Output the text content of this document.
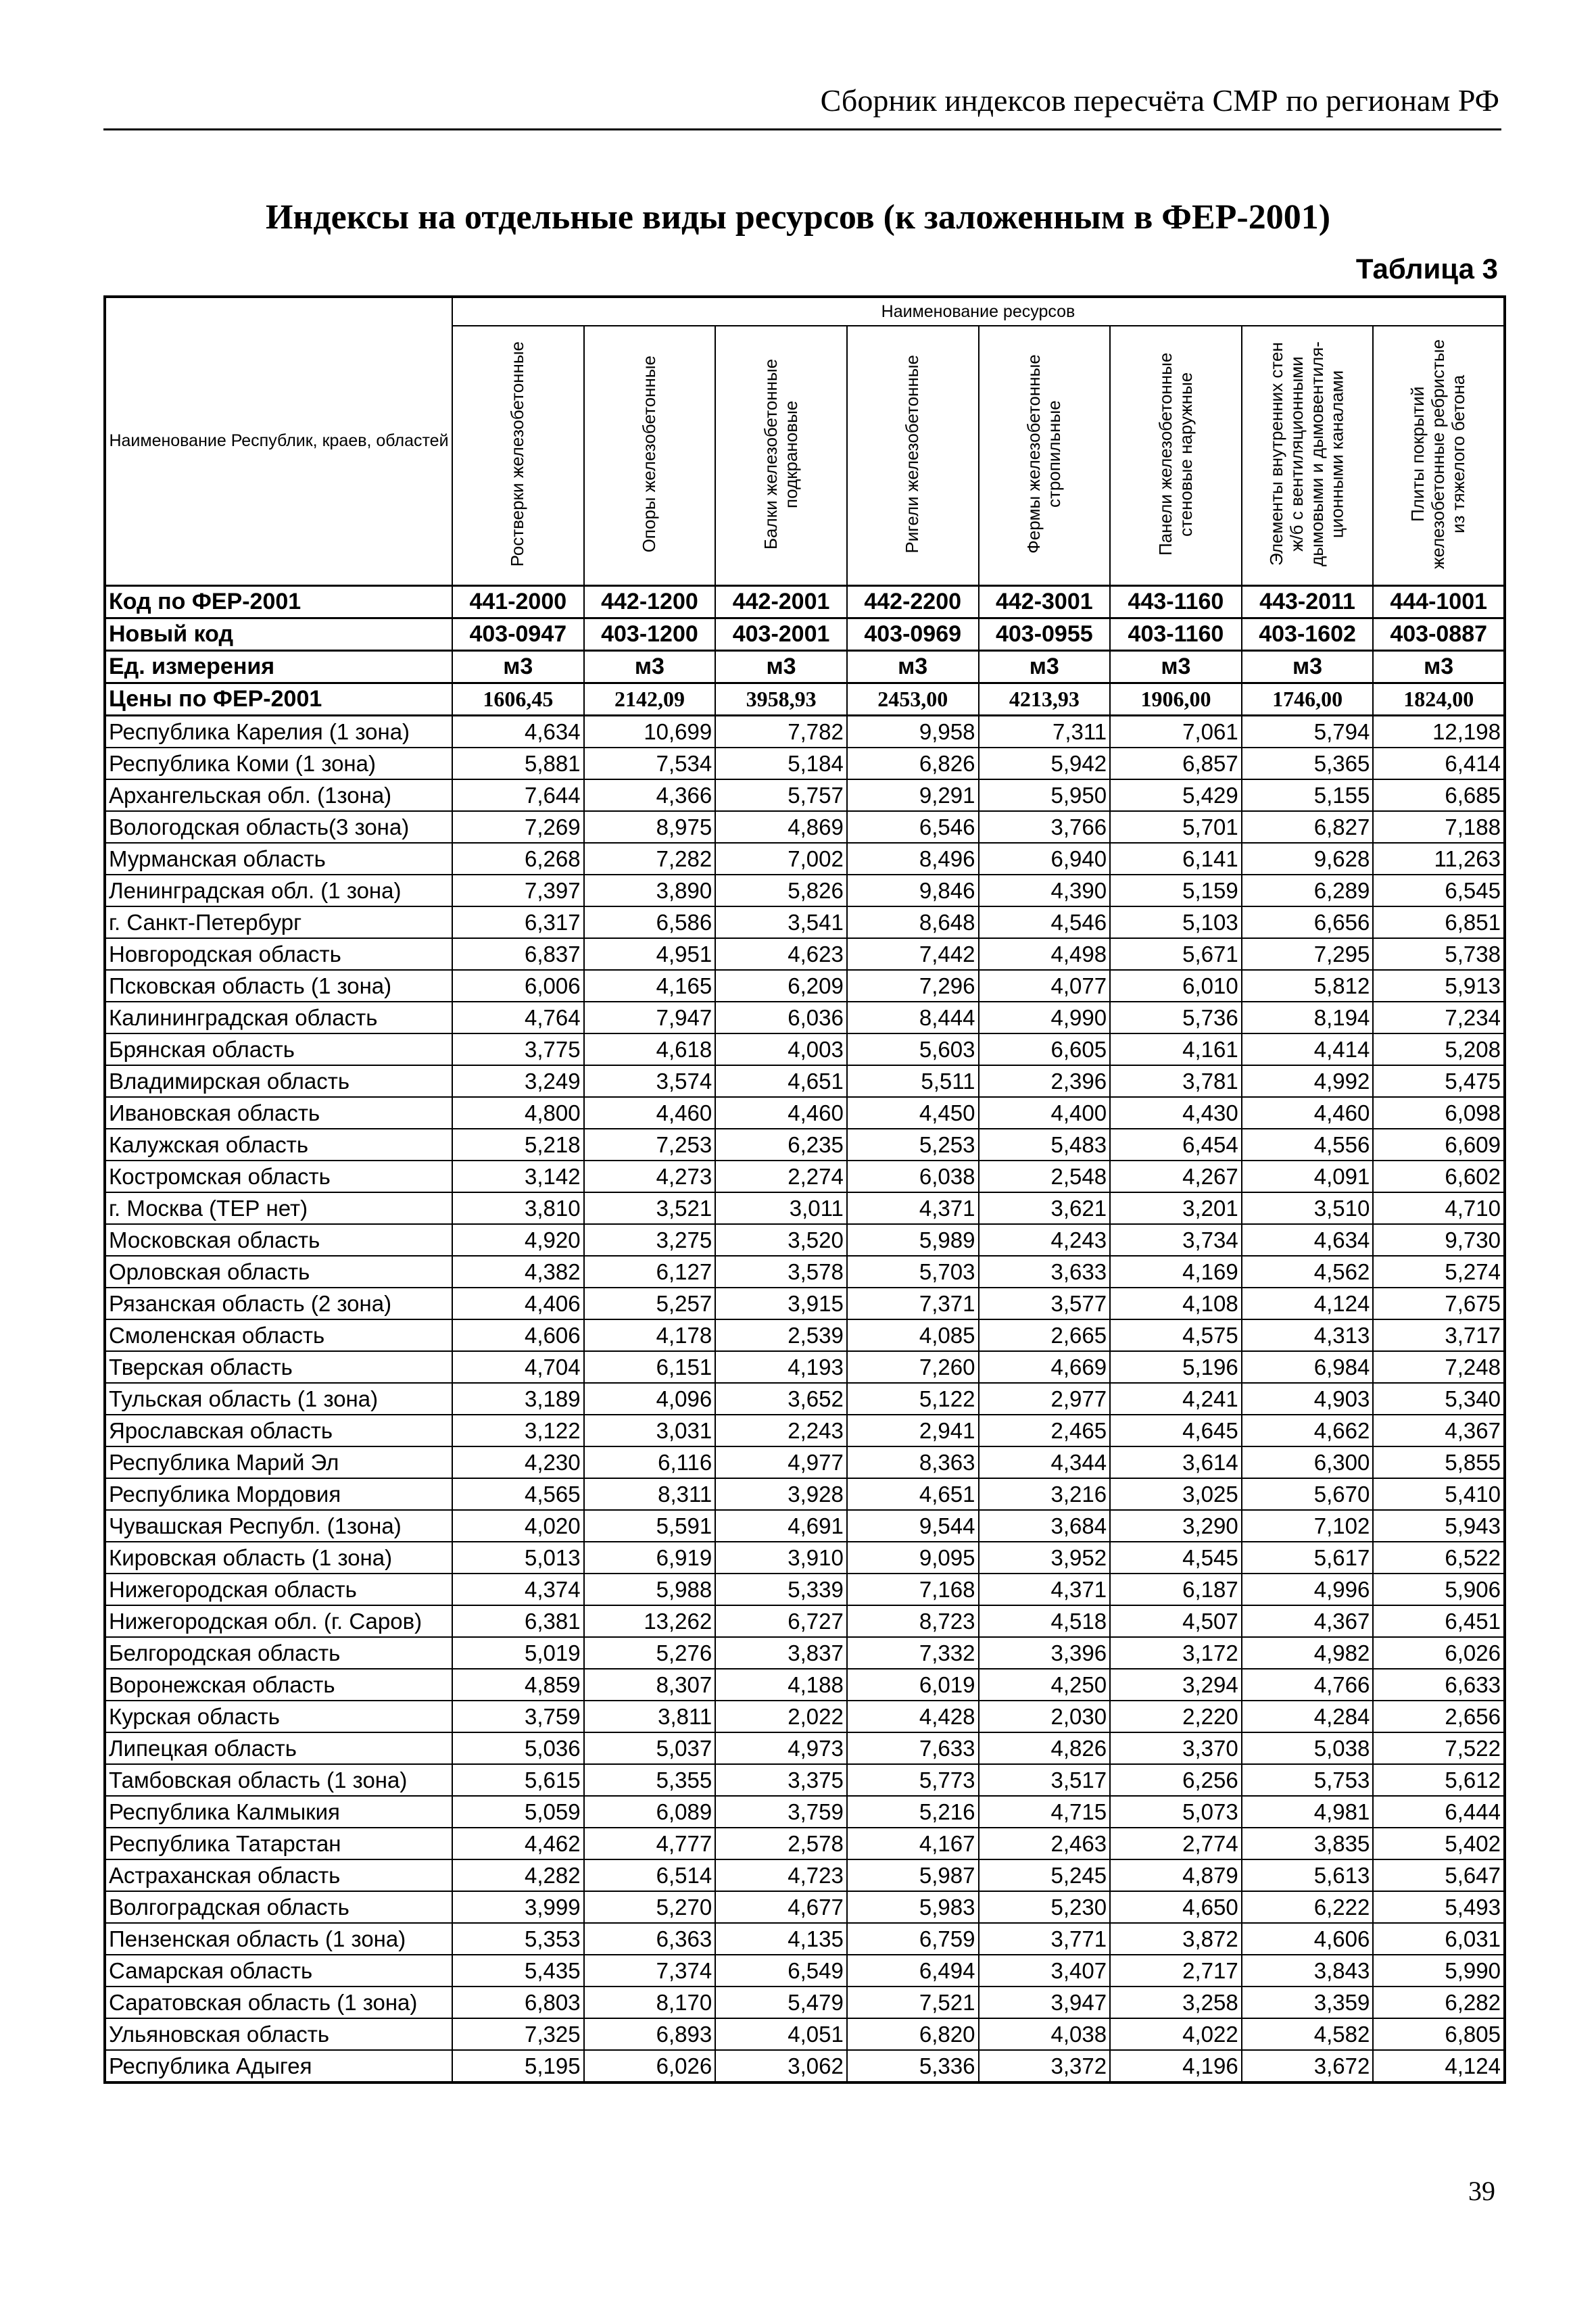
Сборник индексов пересчёта СМР по регионам РФ
Индексы на отдельные виды ресурсов (к заложенным в ФЕР-2001)
Таблица 3
Наименование Республик, краев, областей	Наименование ресурсов							
	Ростверки железобетонные	Опоры железобетонные	Балки железобетонные подкрановые	Ригели железобетонные	Фермы железобетонные стропильные	Панели железобетонные стеновые наружные	Элементы внутренних стен ж/б с вентиляционными дымовыми и дымовентиля-ционными каналами	Плиты покрытий железобетонные ребристые из тяжелого бетона
Код по ФЕР-2001	441-2000	442-1200	442-2001	442-2200	442-3001	443-1160	443-2011	444-1001
Новый код	403-0947	403-1200	403-2001	403-0969	403-0955	403-1160	403-1602	403-0887
Ед. измерения	м3	м3	м3	м3	м3	м3	м3	м3
Цены по ФЕР-2001	1606,45	2142,09	3958,93	2453,00	4213,93	1906,00	1746,00	1824,00
Республика Карелия (1 зона)	4,634	10,699	7,782	9,958	7,311	7,061	5,794	12,198
Республика Коми (1 зона)	5,881	7,534	5,184	6,826	5,942	6,857	5,365	6,414
Архангельская обл. (1зона)	7,644	4,366	5,757	9,291	5,950	5,429	5,155	6,685
Вологодская область(3 зона)	7,269	8,975	4,869	6,546	3,766	5,701	6,827	7,188
Мурманская область	6,268	7,282	7,002	8,496	6,940	6,141	9,628	11,263
Ленинградская обл. (1 зона)	7,397	3,890	5,826	9,846	4,390	5,159	6,289	6,545
г. Санкт-Петербург	6,317	6,586	3,541	8,648	4,546	5,103	6,656	6,851
Новгородская область	6,837	4,951	4,623	7,442	4,498	5,671	7,295	5,738
Псковская область (1 зона)	6,006	4,165	6,209	7,296	4,077	6,010	5,812	5,913
Калининградская область	4,764	7,947	6,036	8,444	4,990	5,736	8,194	7,234
Брянская область	3,775	4,618	4,003	5,603	6,605	4,161	4,414	5,208
Владимирская область	3,249	3,574	4,651	5,511	2,396	3,781	4,992	5,475
Ивановская область	4,800	4,460	4,460	4,450	4,400	4,430	4,460	6,098
Калужская область	5,218	7,253	6,235	5,253	5,483	6,454	4,556	6,609
Костромская область	3,142	4,273	2,274	6,038	2,548	4,267	4,091	6,602
г. Москва (ТЕР нет)	3,810	3,521	3,011	4,371	3,621	3,201	3,510	4,710
Московская область	4,920	3,275	3,520	5,989	4,243	3,734	4,634	9,730
Орловская область	4,382	6,127	3,578	5,703	3,633	4,169	4,562	5,274
Рязанская область (2 зона)	4,406	5,257	3,915	7,371	3,577	4,108	4,124	7,675
Смоленская область	4,606	4,178	2,539	4,085	2,665	4,575	4,313	3,717
Тверская область	4,704	6,151	4,193	7,260	4,669	5,196	6,984	7,248
Тульская область (1 зона)	3,189	4,096	3,652	5,122	2,977	4,241	4,903	5,340
Ярославская область	3,122	3,031	2,243	2,941	2,465	4,645	4,662	4,367
Республика Марий Эл	4,230	6,116	4,977	8,363	4,344	3,614	6,300	5,855
Республика Мордовия	4,565	8,311	3,928	4,651	3,216	3,025	5,670	5,410
Чувашская Республ. (1зона)	4,020	5,591	4,691	9,544	3,684	3,290	7,102	5,943
Кировская область (1 зона)	5,013	6,919	3,910	9,095	3,952	4,545	5,617	6,522
Нижегородская область	4,374	5,988	5,339	7,168	4,371	6,187	4,996	5,906
Нижегородская обл. (г. Саров)	6,381	13,262	6,727	8,723	4,518	4,507	4,367	6,451
Белгородская область	5,019	5,276	3,837	7,332	3,396	3,172	4,982	6,026
Воронежская область	4,859	8,307	4,188	6,019	4,250	3,294	4,766	6,633
Курская область	3,759	3,811	2,022	4,428	2,030	2,220	4,284	2,656
Липецкая область	5,036	5,037	4,973	7,633	4,826	3,370	5,038	7,522
Тамбовская область (1 зона)	5,615	5,355	3,375	5,773	3,517	6,256	5,753	5,612
Республика Калмыкия	5,059	6,089	3,759	5,216	4,715	5,073	4,981	6,444
Республика Татарстан	4,462	4,777	2,578	4,167	2,463	2,774	3,835	5,402
Астраханская область	4,282	6,514	4,723	5,987	5,245	4,879	5,613	5,647
Волгоградская область	3,999	5,270	4,677	5,983	5,230	4,650	6,222	5,493
Пензенская область (1 зона)	5,353	6,363	4,135	6,759	3,771	3,872	4,606	6,031
Самарская область	5,435	7,374	6,549	6,494	3,407	2,717	3,843	5,990
Саратовская область (1 зона)	6,803	8,170	5,479	7,521	3,947	3,258	3,359	6,282
Ульяновская область	7,325	6,893	4,051	6,820	4,038	4,022	4,582	6,805
Республика Адыгея	5,195	6,026	3,062	5,336	3,372	4,196	3,672	4,124
39
